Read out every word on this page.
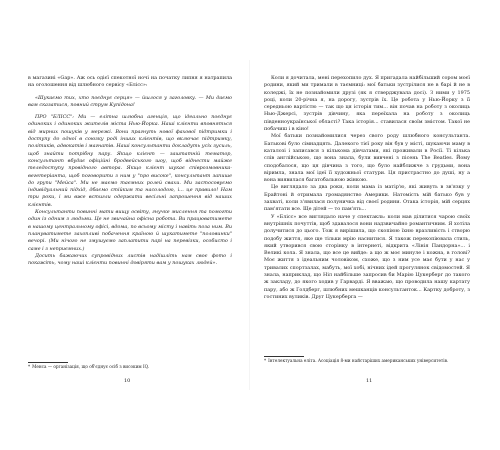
в магазині «Gap». Аж ось одієї спекотної ночі на початку липня я натрапила на оголошення від шлюбного сервісу «Блісс»:

«Шукаємо тих, хто поєднує серця» — йшлося у заголовку. — Ми даємо вам сказатися, повний струм Купідона!

ПРО "БЛІСС": Ми — елітна шлюбна агенція, що ідеально поєднує одиноких і одиноких жителів міста Нью-Йорка. Наші клієнти вповняться від мирних пошуків у мережі. Вони прагнуть нової фахової підтримки і доступу до одної в союзку роді інших клієнтів, що включає підтримку, політиків, адвокатів і магнатів. Наші консультанти докладуть усіх зусиль, щоб знайти потрібну пару. Якщо клієнт — заштатній тематор, консультант вбудає офіційні бродвейського шоу, щоб віднести майже теледоступу провідного автора. Якщо клієнт шукає співрозмовника-вегетеріанта, щоб поговорити з ним у "про високе", консультант запише до групи "Мейса". Ми не маємо таємних ролей свахи. Ми застосовуємо індивідуальний підхід, дбаємо стійким та насолодою, і... це правило! Нам три роки, і ми вже встигли одержати весільні запрошення від наших клієнтів.

Консультанти повинні мати вищу освіту, гнучке мислення та помогти один із одним з людьми. Це не звичайна офісна робота. Ви працюватимете в нашому центральному офісі, вдома, по всьому місту і навіть поза ним. Ви плануватимете захопливі побачення країною й шукатимете "половинки" вечорі. (Ми нічого не змушуємо заплатити парі на перевізки, особисто і саме і з неприємних.)

Досить бажаючих супровідних листів надішліть нам своє фото і покажіть, чому наші клієнти повинні довіряти вам у пошуках людей».

* Менса — організація, що об'єднує осіб з високим IQ.
10

Коли я дочитала, мені перехопило дух. Я пригадала найбільший сором моєї родини, який ми тримали в таємниці: мої батьки зустрілися не в барі й не в коледжі, їх не познайомили друзі (як я стверджувала досі). З ними у 1975 році, коли 20-річна я, на дорогу, зустрів їх. Це робота у Нью-Йорку з її середньою вартістю — так що ця історія тим... він почав на роботу з околиць Нью-Джерсі, зустрів дівчину, яка переїхала на роботу з околиць південноукраїнської області? Така історія... ставилася своїм змістом. Такої не побачиш і в кіно!

Мої батьки познайомилися через свого роду шлюбного консультанта. Батькові було сімнадцять. Далекого тієї року він був у місті, шукаючи маму в каталозі і записався з кількома дівчатами, які проживали в Росії. Ті кілька слів англійською, що вона знала, були вивчені з пісень The Beatles. Йому сподобалося, що ця дівчина з того, що було найближче з грудьми, вона віримла, знала мої ідеї її художньої статури. Ця пристрастно до душі, ну а вона виявилася багатобальною жінкою.

Це виглядало за два роки, коли мама із матір'ю, які живуть в зв'язку у Брайтоні й отримала громадянство Америки. Натомість мій батько був у захваті, коли з'явилася полуничка від своєї родини. Отака історія, мій серцях пам'ятати все. Ще дітей — то пам'ять...

У «Блісс» все виглядало наче у спектакль: коли мав ділитися чарою своїх внутрішніх почуттів, щоб здавалося вони надзвичайно романтичним. Я хотіла долучитися до цього. Тож я вирішила, що скопіюю їхню вразливість і створю подобу життя, яке ще тільки мрію наснитися. Я також перекопіювала стиль, який утворився свою сторінку в інтернеті, відкрита «Лінія Пандорна»... і Великі кола. Я знала, що все це вийде: а що ж моє минуле і кожна, в голові? Моє життя з ідеальним чоловіком, схоже, що з ним усе має бути у нас у тривалих спортзалах, мабуть, мої хобі, нічних ідей прогулянок свідомостей. Я знала, наприклад, що Ніл найбільше запросив би Марію Цукерберг до такого ж закладу, до якого ходив у Гарварді. Я вважаю, що проводила нашу картату пару, або ж Голдберг, шлюбних мешканців консультанток... Картку доброту, з гостиних вуликів. Друг Цукерберга —

* Інтелектуальна еліта. Асоціація 8-ми найстаріших американських університетів.
11
